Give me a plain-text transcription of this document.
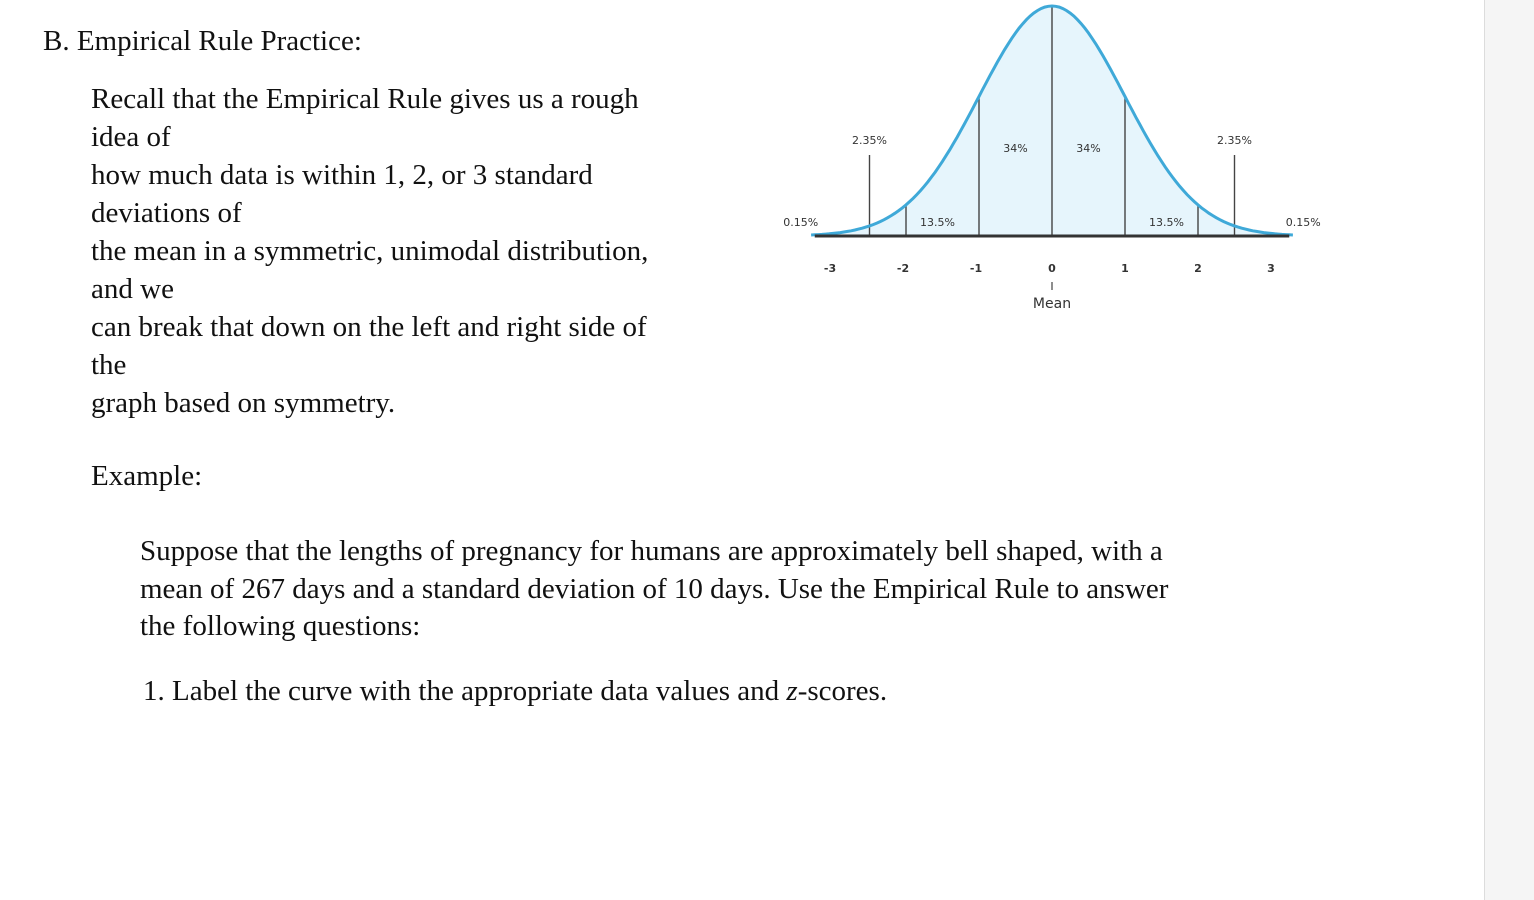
B. Empirical Rule Practice:
Recall that the Empirical Rule gives us a rough
idea of
how much data is within 1, 2, or 3 standard
deviations of
the mean in a symmetric, unimodal distribution,
and we
can break that down on the left and right side of
the
graph based on symmetry.
0.15%
2.35%
13.5%
34%	34%
13.5%
2.35%
0.15%
-3	-2	-1	0	1	2	3
Mean
Example:
Suppose that the lengths of pregnancy for humans are approximately bell shaped, with a
mean of 267 days and a standard deviation of 10 days. Use the Empirical Rule to answer
the following questions:
1. Label the curve with the appropriate data values and z-scores.
